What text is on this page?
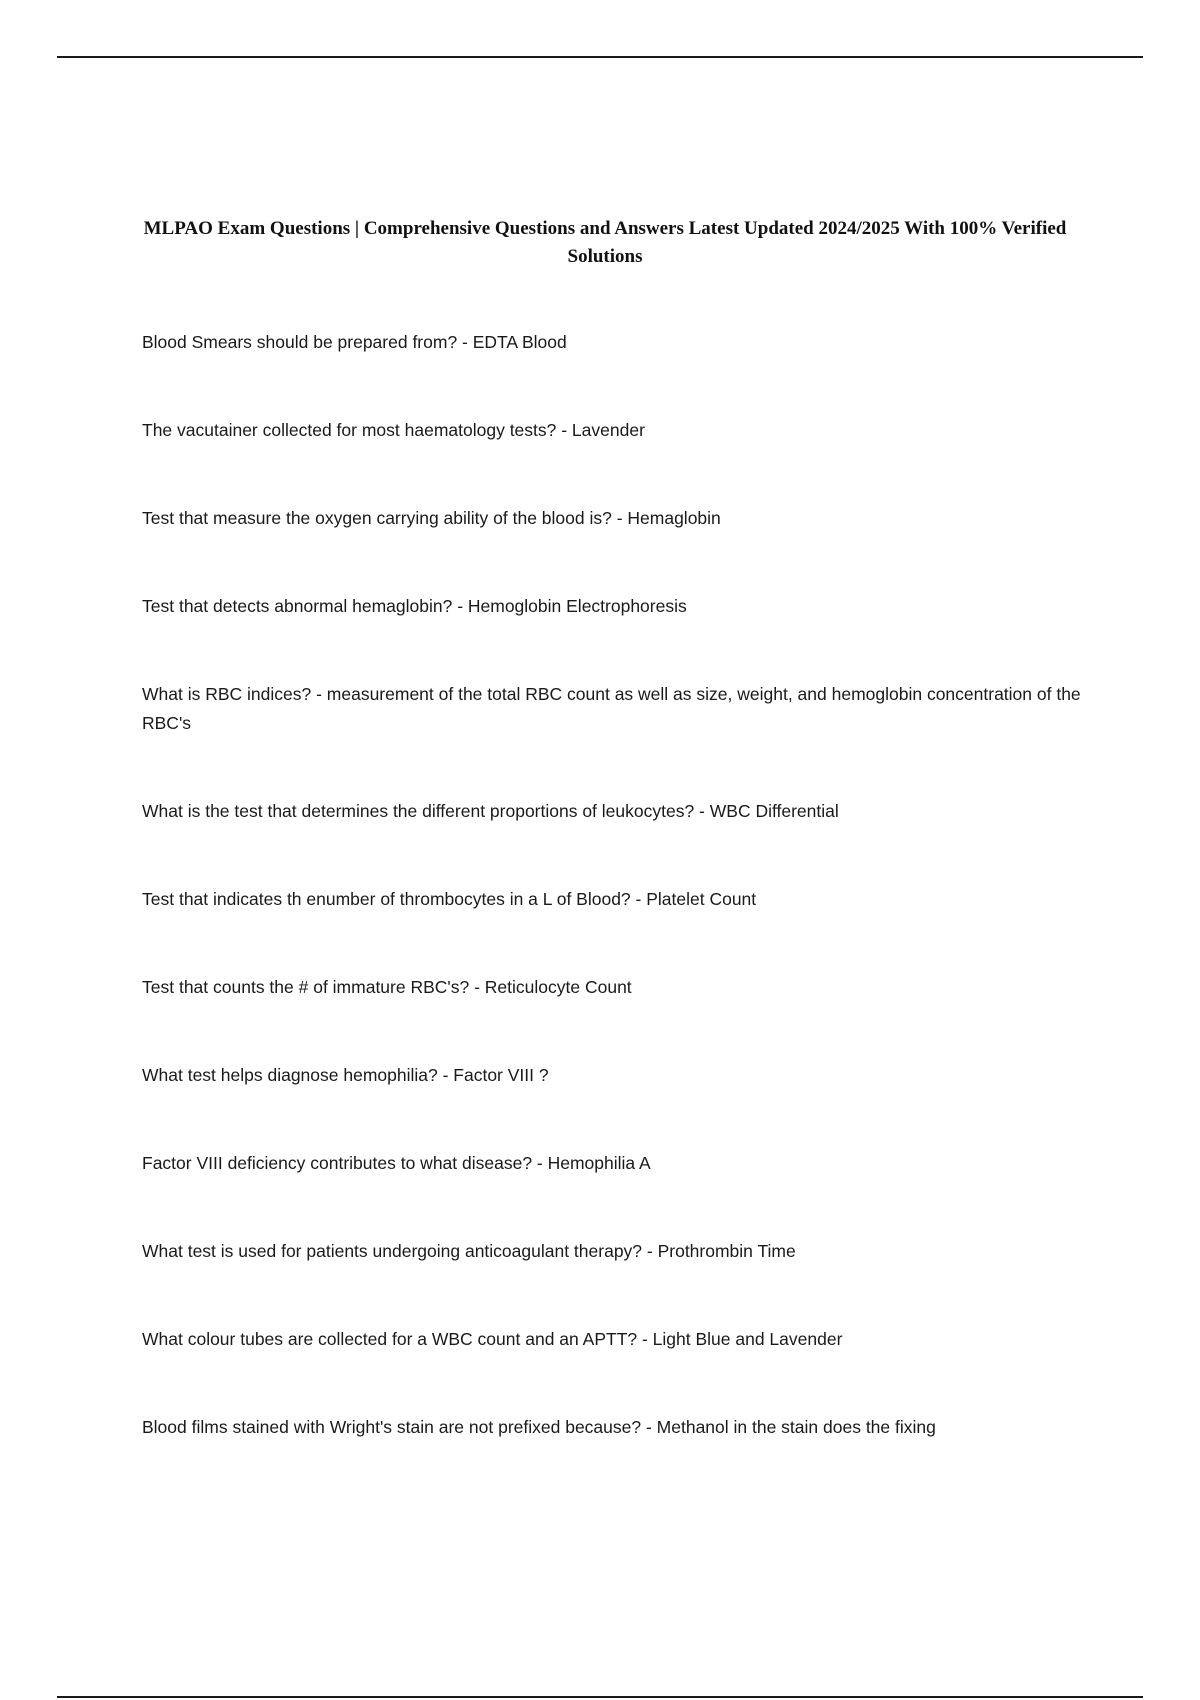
MLPAO Exam Questions | Comprehensive Questions and Answers Latest Updated 2024/2025 With 100% Verified Solutions
Blood Smears should be prepared from? - EDTA Blood
The vacutainer collected for most haematology tests? - Lavender
Test that measure the oxygen carrying ability of the blood is? - Hemaglobin
Test that detects abnormal hemaglobin? - Hemoglobin Electrophoresis
What is RBC indices? - measurement of the total RBC count as well as size, weight, and hemoglobin concentration of the RBC's
What is the test that determines the different proportions of leukocytes? - WBC Differential
Test that indicates th enumber of thrombocytes in a L of Blood? - Platelet Count
Test that counts the # of immature RBC's? - Reticulocyte Count
What test helps diagnose hemophilia? - Factor VIII ?
Factor VIII deficiency contributes to what disease? - Hemophilia A
What test is used for patients undergoing anticoagulant therapy? - Prothrombin Time
What colour tubes are collected for a WBC count and an APTT? - Light Blue and Lavender
Blood films stained with Wright's stain are not prefixed because? - Methanol in the stain does the fixing
